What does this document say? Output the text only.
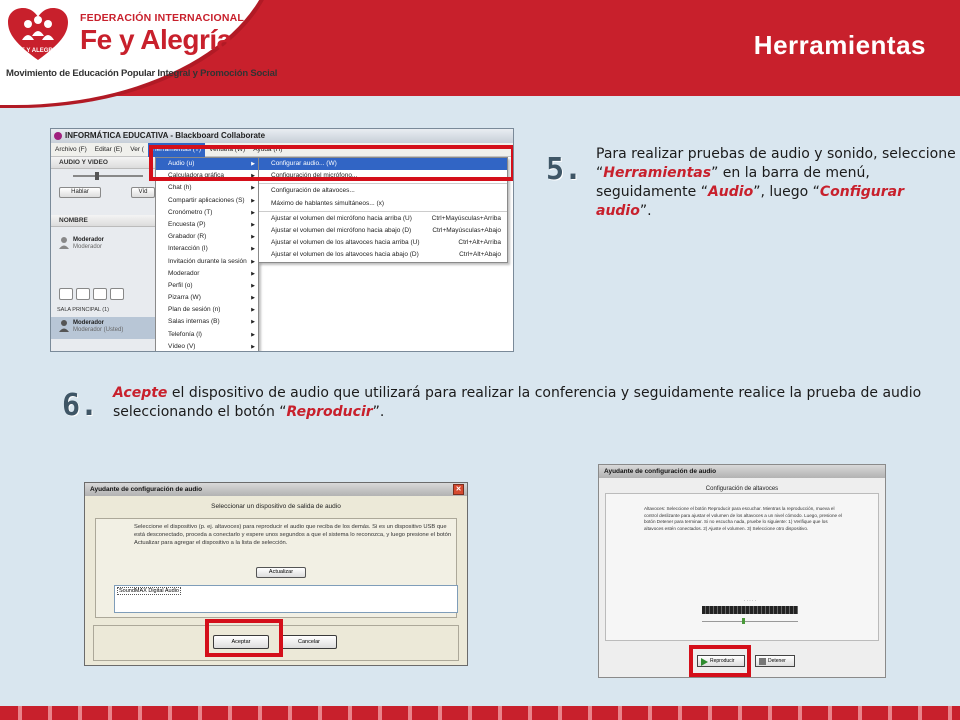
FE Y ALEGRIA
FEDERACIÓN INTERNACIONAL
Fe y Alegría
Movimiento de Educación Popular Integral y Promoción Social
Herramientas
5. Para realizar pruebas de audio y sonido, seleccione “Herramientas” en la barra de menú, seguidamente “Audio”, luego “Configurar audio”.
6. Acepte el dispositivo de audio que utilizará para realizar la conferencia y seguidamente realice la prueba de audio seleccionando el botón “Reproducir”.
INFORMÁTICA EDUCATIVA - Blackboard Collaborate
Archivo (F) Editar (E) Ver ( Herramientas (T) Ventana (W) Ayuda (H)
AUDIO Y VIDEO
Hablar	Víd
NOMBRE
Moderador
Moderador
SALA PRINCIPAL (1)
Moderador
Moderador (Usted)
Audio (u) ▶
Calculadora gráfica ▶
Chat (h) ▶
Compartir aplicaciones (S) ▶
Cronómetro (T) ▶
Encuesta (P) ▶
Grabador (R) ▶
Interacción (I) ▶
Invitación durante la sesión ▶
Moderador ▶
Perfil (o) ▶
Pizarra (W) ▶
Plan de sesión (n) ▶
Salas internas (B) ▶
Telefonía (l) ▶
Vídeo (V) ▶
Configurar audio... (W)
Configuración del micrófono...
Configuración de altavoces...
Máximo de hablantes simultáneos... (x)
Ajustar el volumen del micrófono hacia arriba (U)	Ctrl+Mayúsculas+Arriba
Ajustar el volumen del micrófono hacia abajo (D)	Ctrl+Mayúsculas+Abajo
Ajustar el volumen de los altavoces hacia arriba (U)	Ctrl+Alt+Arriba
Ajustar el volumen de los altavoces hacia abajo (D)	Ctrl+Alt+Abajo
Ayudante de configuración de audio	✕
Seleccionar un dispositivo de salida de audio
Seleccione el dispositivo (p. ej. altavoces) para reproducir el audio que reciba de los demás. Si es un dispositivo USB que está desconectado, proceda a conectarlo y espere unos segundos a que el sistema lo reconozca, y luego presione el botón Actualizar para agregar el dispositivo a la lista de selección.
Actualizar
SoundMAX Digital Audio
Aceptar	Cancelar
Ayudante de configuración de audio
Configuración de altavoces
Altavoces: Seleccione el botón Reproducir para escuchar. Mientras la reproducción, mueva el control deslizante para ajustar el volumen de los altavoces a un nivel cómodo. Luego, presione el botón Detener para terminar. Si no escucha nada, pruebe lo siguiente: 1) Verifique que los altavoces estén conectados. 2) Ajuste el volumen. 3) Seleccione otro dispositivo.
· · · · ·
Reproducir	Detener
